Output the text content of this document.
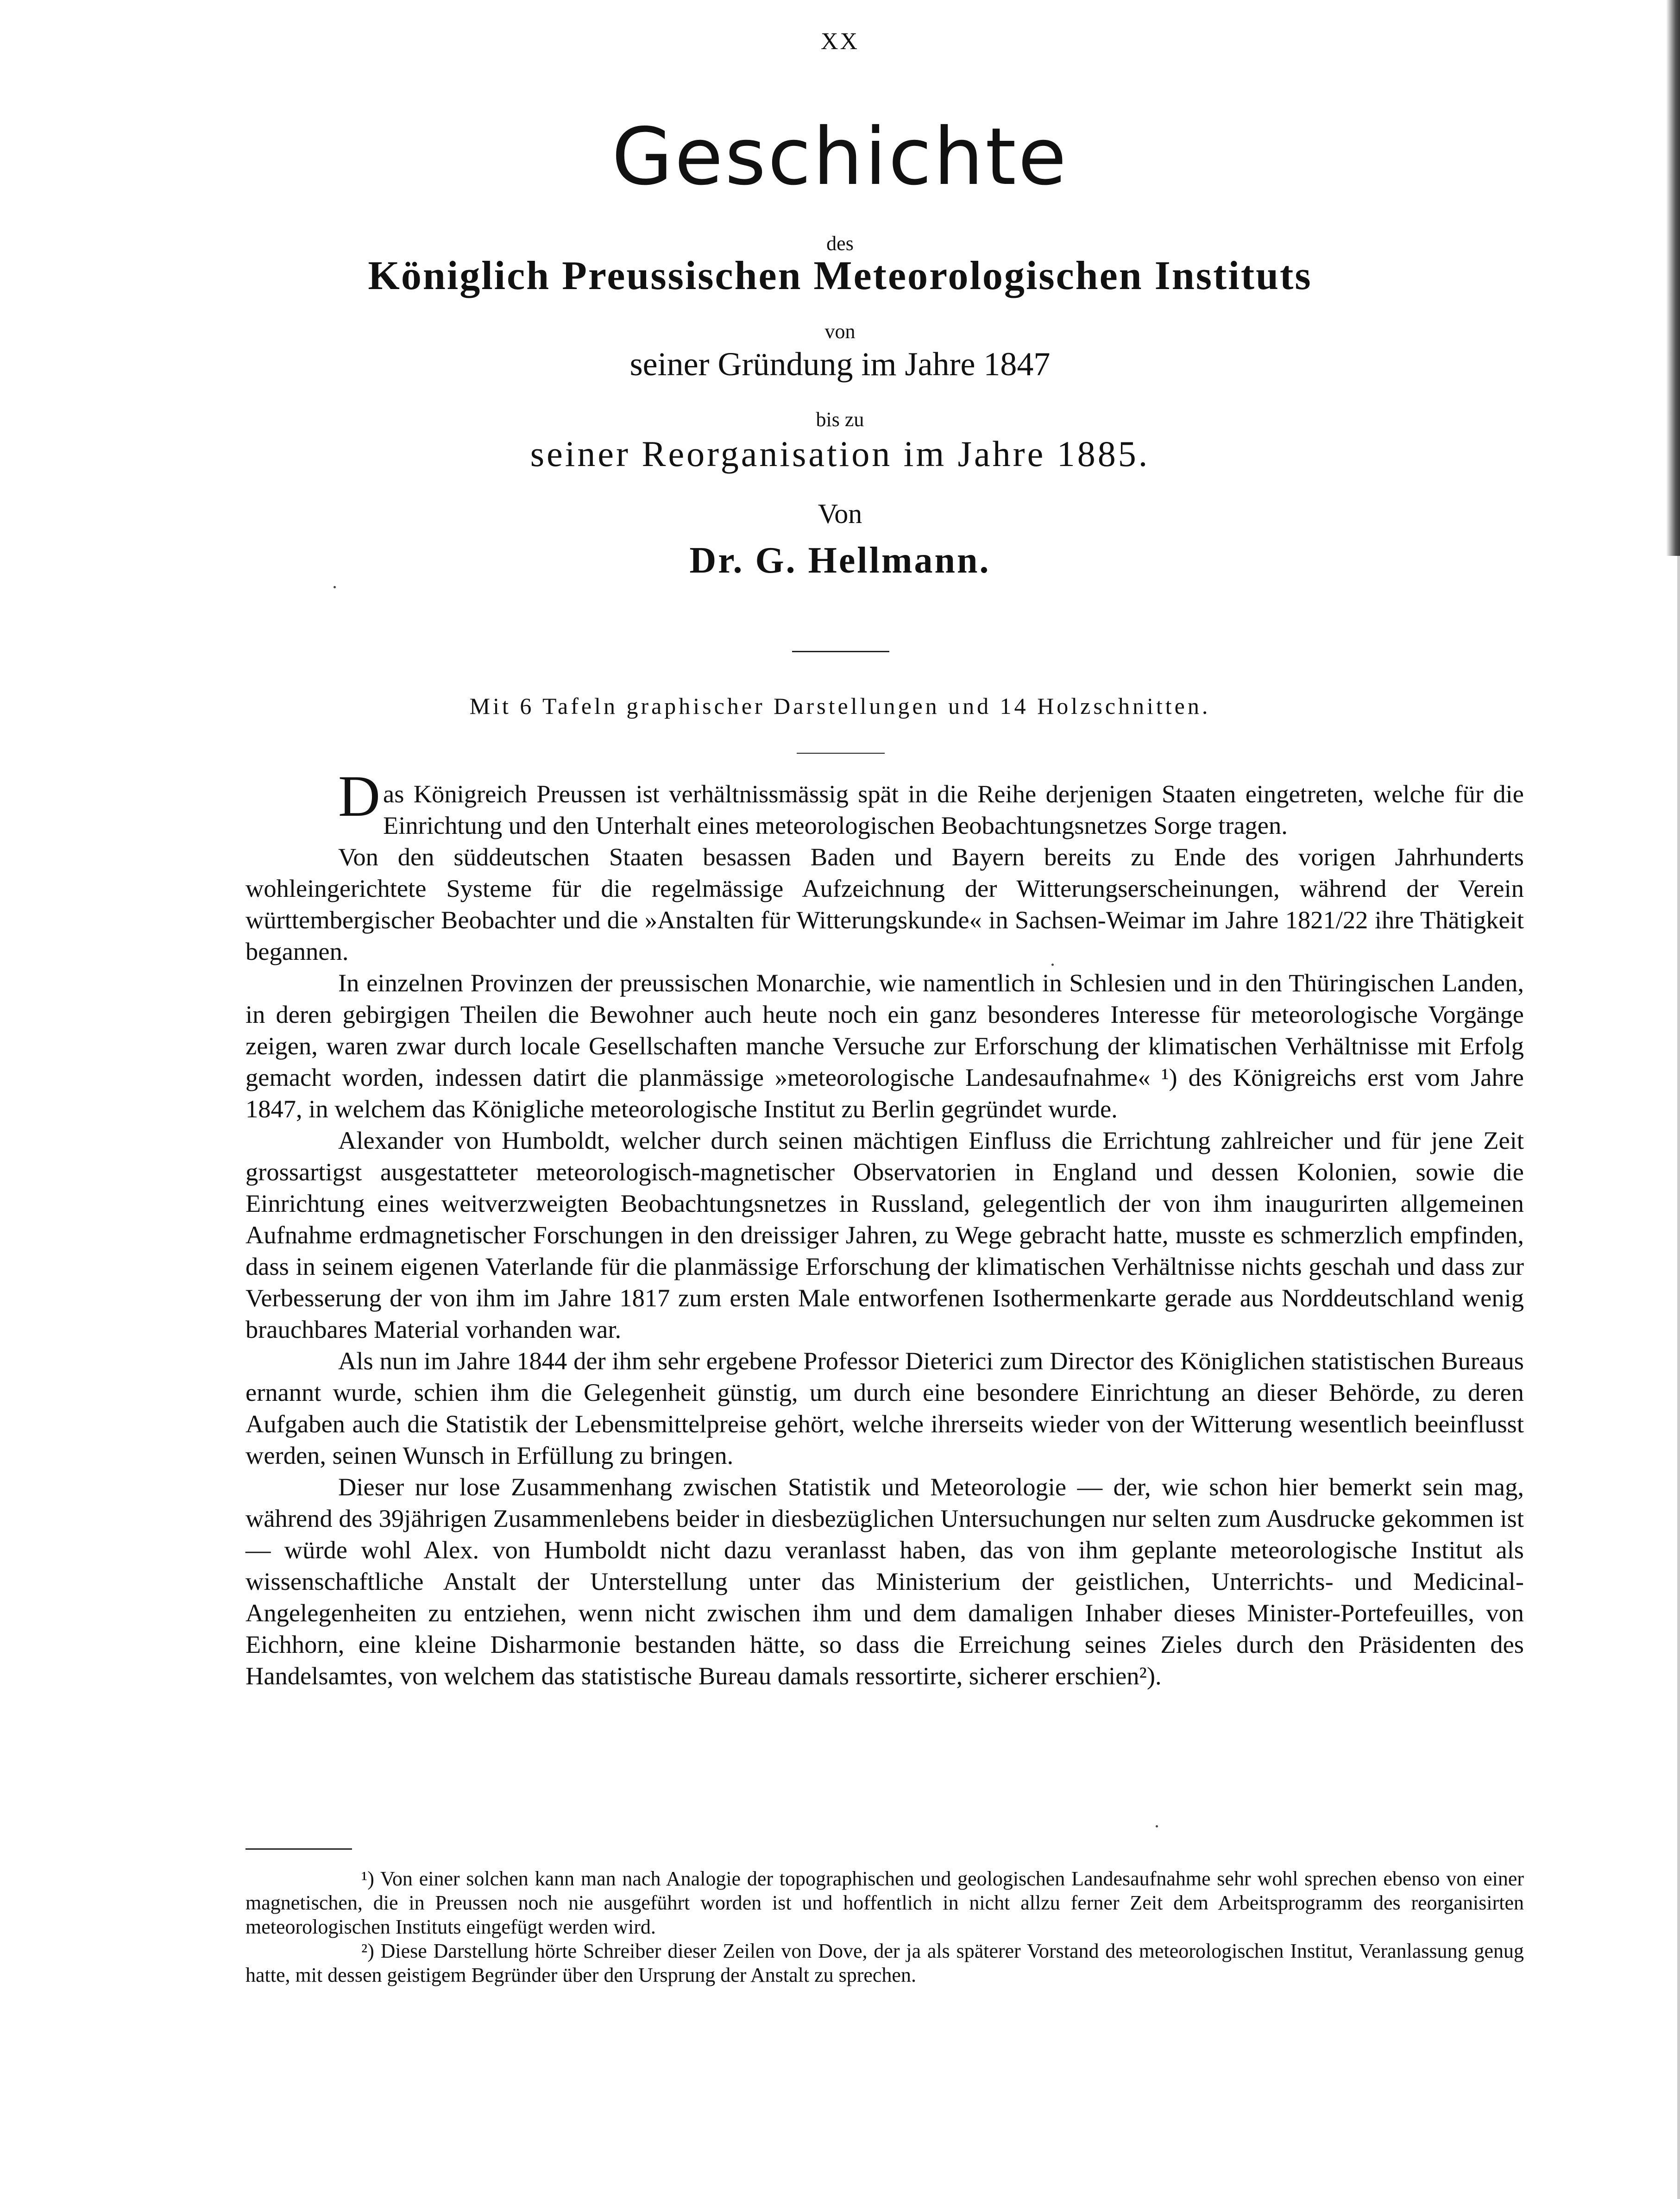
XX
Geschichte
des
Königlich Preussischen Meteorologischen Instituts
von
seiner Gründung im Jahre 1847
bis zu
seiner Reorganisation im Jahre 1885.
Von
Dr. G. Hellmann.
Mit 6 Tafeln graphischer Darstellungen und 14 Holzschnitten.

Das Königreich Preussen ist verhältnissmässig spät in die Reihe derjenigen Staaten eingetreten, welche für die Einrichtung und den Unterhalt eines meteorologischen Beobachtungsnetzes Sorge tragen.

Von den süddeutschen Staaten besassen Baden und Bayern bereits zu Ende des vorigen Jahrhunderts wohleingerichtete Systeme für die regelmässige Aufzeichnung der Witterungserscheinungen, während der Verein württembergischer Beobachter und die »Anstalten für Witterungskunde« in Sachsen-Weimar im Jahre 1821/22 ihre Thätigkeit begannen.

In einzelnen Provinzen der preussischen Monarchie, wie namentlich in Schlesien und in den Thüringischen Landen, in deren gebirgigen Theilen die Bewohner auch heute noch ein ganz besonderes Interesse für meteorologische Vorgänge zeigen, waren zwar durch locale Gesellschaften manche Versuche zur Erforschung der klimatischen Verhältnisse mit Erfolg gemacht worden, indessen datirt die planmässige »meteorologische Landesaufnahme« ¹) des Königreichs erst vom Jahre 1847, in welchem das Königliche meteorologische Institut zu Berlin gegründet wurde.

Alexander von Humboldt, welcher durch seinen mächtigen Einfluss die Errichtung zahlreicher und für jene Zeit grossartigst ausgestatteter meteorologisch-magnetischer Observatorien in England und dessen Kolonien, sowie die Einrichtung eines weitverzweigten Beobachtungsnetzes in Russland, gelegentlich der von ihm inaugurirten allgemeinen Aufnahme erdmagnetischer Forschungen in den dreissiger Jahren, zu Wege gebracht hatte, musste es schmerzlich empfinden, dass in seinem eigenen Vaterlande für die planmässige Erforschung der klimatischen Verhältnisse nichts geschah und dass zur Verbesserung der von ihm im Jahre 1817 zum ersten Male entworfenen Isothermenkarte gerade aus Norddeutschland wenig brauchbares Material vorhanden war.

Als nun im Jahre 1844 der ihm sehr ergebene Professor Dieterici zum Director des Königlichen statistischen Bureaus ernannt wurde, schien ihm die Gelegenheit günstig, um durch eine besondere Einrichtung an dieser Behörde, zu deren Aufgaben auch die Statistik der Lebensmittelpreise gehört, welche ihrerseits wieder von der Witterung wesentlich beeinflusst werden, seinen Wunsch in Erfüllung zu bringen.

Dieser nur lose Zusammenhang zwischen Statistik und Meteorologie — der, wie schon hier bemerkt sein mag, während des 39jährigen Zusammenlebens beider in diesbezüglichen Untersuchungen nur selten zum Ausdrucke gekommen ist — würde wohl Alex. von Humboldt nicht dazu veranlasst haben, das von ihm geplante meteorologische Institut als wissenschaftliche Anstalt der Unterstellung unter das Ministerium der geistlichen, Unterrichts- und Medicinal-Angelegenheiten zu entziehen, wenn nicht zwischen ihm und dem damaligen Inhaber dieses Minister-Portefeuilles, von Eichhorn, eine kleine Disharmonie bestanden hätte, so dass die Erreichung seines Zieles durch den Präsidenten des Handelsamtes, von welchem das statistische Bureau damals ressortirte, sicherer erschien²).

¹) Von einer solchen kann man nach Analogie der topographischen und geologischen Landesaufnahme sehr wohl sprechen ebenso von einer magnetischen, die in Preussen noch nie ausgeführt worden ist und hoffentlich in nicht allzu ferner Zeit dem Arbeitsprogramm des reorganisirten meteorologischen Instituts eingefügt werden wird.

²) Diese Darstellung hörte Schreiber dieser Zeilen von Dove, der ja als späterer Vorstand des meteorologischen Institut, Veranlassung genug hatte, mit dessen geistigem Begründer über den Ursprung der Anstalt zu sprechen.
